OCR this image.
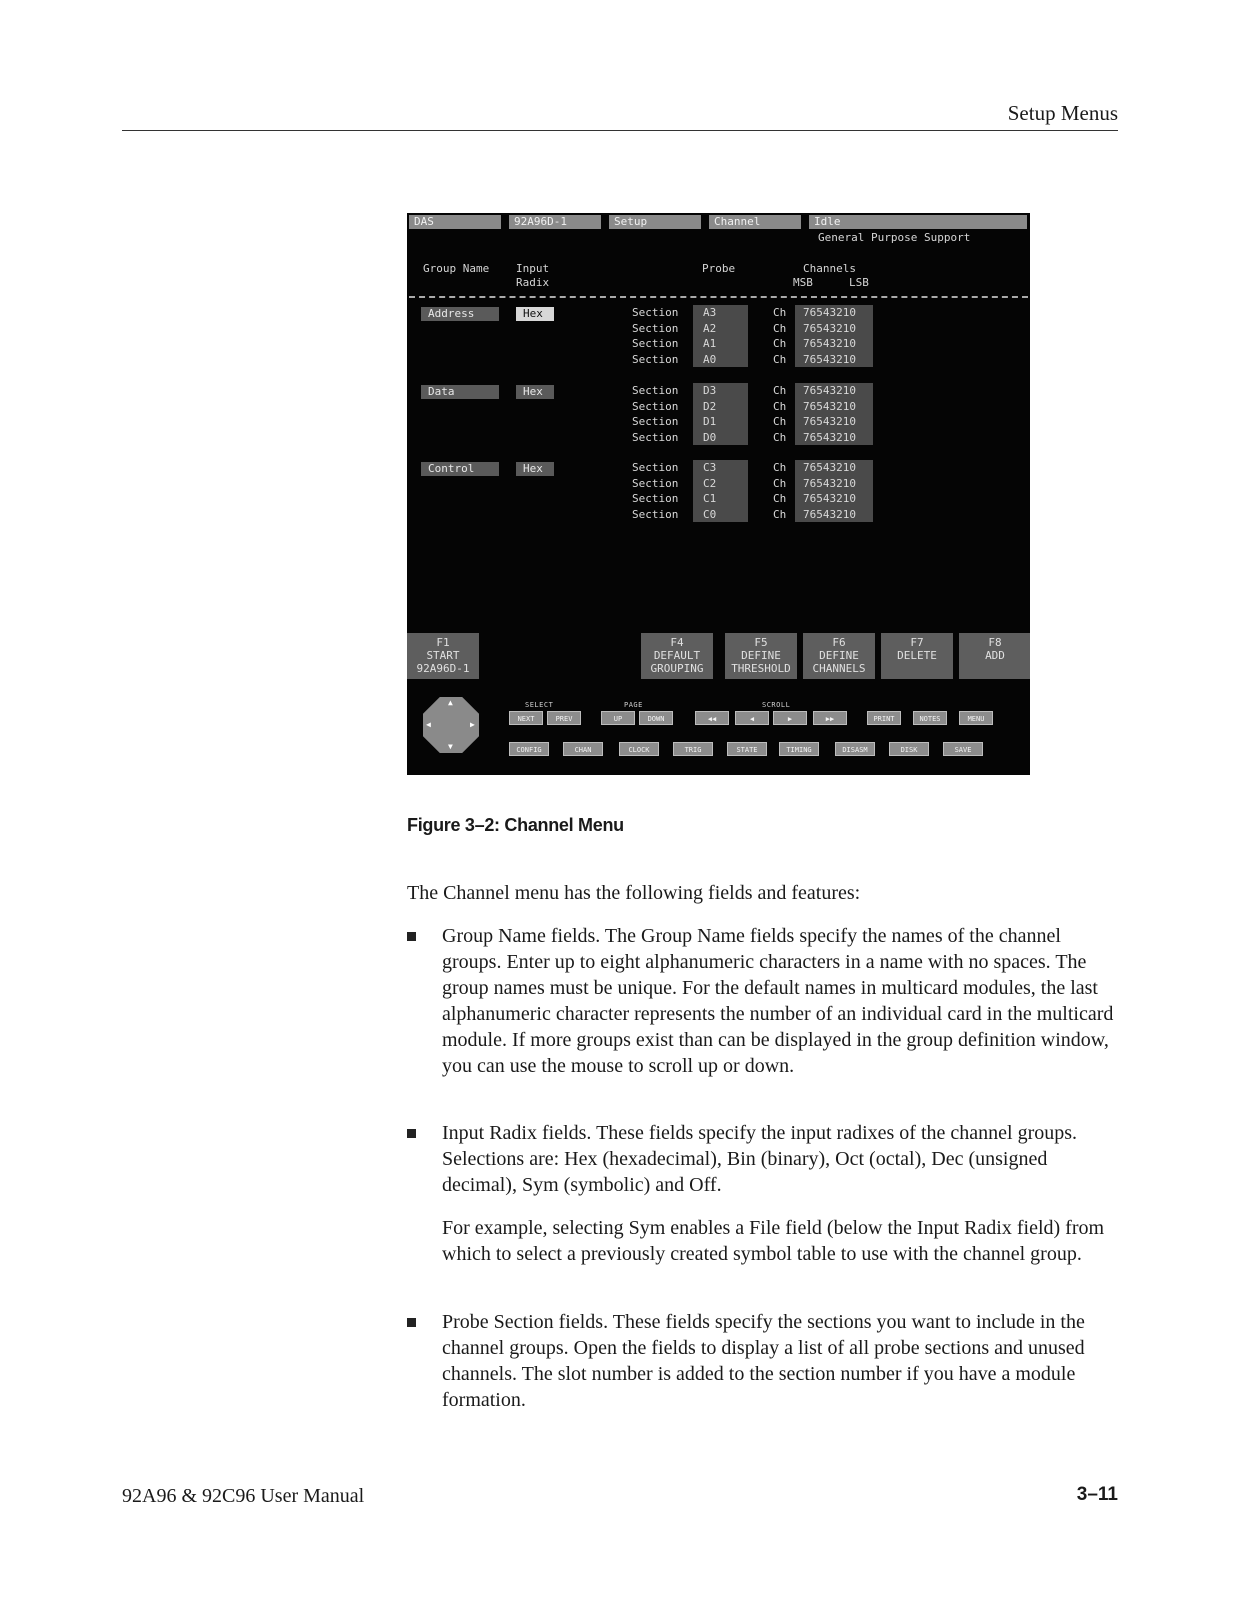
Setup Menus
DAS	92A96D-1	Setup	Channel	Idle
General Purpose Support
Group Name Input
Radix
Probe	Channels
MSB	LSB
Address	Hex	Section A3	Ch 76543210
Section A2	Ch 76543210
Section A1	Ch 76543210
Section A0	Ch 76543210
Data	Hex	Section D3	Ch 76543210
Section D2	Ch 76543210
Section D1	Ch 76543210
Section D0	Ch 76543210
Control	Hex	Section C3	Ch 76543210
Section C2	Ch 76543210
Section C1	Ch 76543210
Section C0	Ch 76543210
F1
START
92A96D-1
F4
DEFAULT
GROUPING
F5
DEFINE
THRESHOLD
F6
DEFINE
CHANNELS
F7
DELETE
F8
ADD
▲
▼
◀	▶
SELECT	PAGE	SCROLL
NEXT	PREV	UP	DOWN	◀◀	◀	▶	▶▶	PRINT	NOTES	MENU
CONFIG	CHAN	CLOCK	TRIG	STATE	TIMING	DISASM	DISK	SAVE
Figure 3–2: Channel Menu
The Channel menu has the following fields and features:
Group Name fields. The Group Name fields specify the names of the channel groups. Enter up to eight alphanumeric characters in a name with no spaces. The group names must be unique. For the default names in multicard modules, the last alphanumeric character represents the number of an individual card in the multicard module. If more groups exist than can be displayed in the group definition window, you can use the mouse to scroll up or down.
Input Radix fields. These fields specify the input radixes of the channel groups. Selections are: Hex (hexadecimal), Bin (binary), Oct (octal), Dec (unsigned decimal), Sym (symbolic) and Off.
For example, selecting Sym enables a File field (below the Input Radix field) from which to select a previously created symbol table to use with the channel group.
Probe Section fields. These fields specify the sections you want to include in the channel groups. Open the fields to display a list of all probe sections and unused channels. The slot number is added to the section number if you have a module formation.
92A96 & 92C96 User Manual	3–11
